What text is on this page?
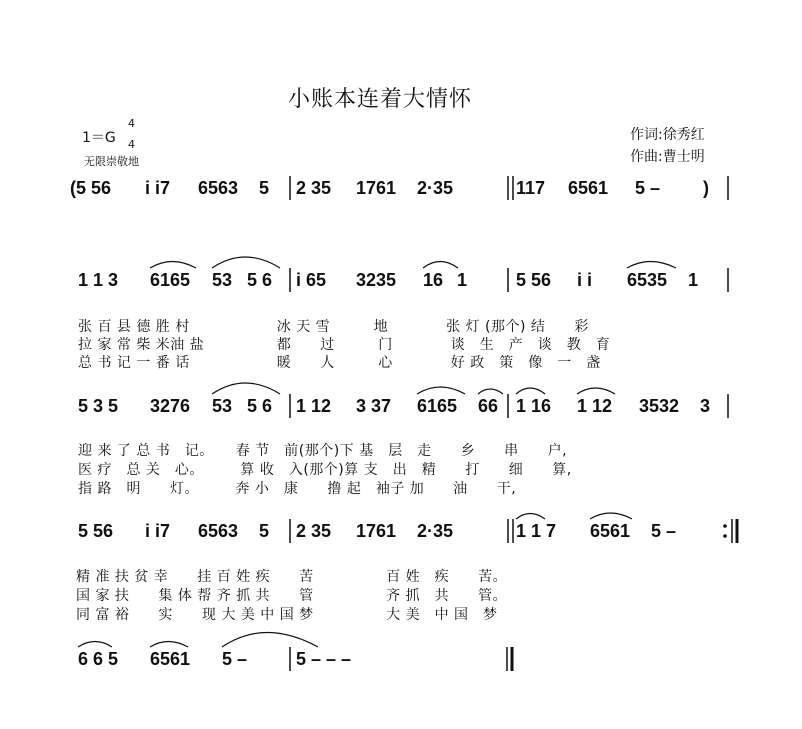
小账本连着大情怀
1＝G
4
4
无限崇敬地
作词:徐秀红
作曲:曹士明
(5 56 i i7 6563 5 2 35 1761 2·35	117 6561 5 – )
1 1 3 6165 53 5 6 i 65 3235 16 1	5 56 i i 6535 1
张 百 县 德 胜 村　　　　　　冰 天 雪　　　地　　　　张 灯 (那个) 结　　彩
拉 家 常 柴 米油 盐　　　　　都　　过　　　门　　　　谈　生　产　谈　教　育
总 书 记 一 番 话　　　　　　暖　　人　　　心　　　　好 政　策　像　一　盏
5 3 5 3276 53 5 6 1 12 3 37 6165 66 1 16 1 12 3532 3
迎 来 了 总 书　记。　　春 节　前(那个)下 基　层　走　　乡　　串　　户,
医 疗　总 关　心。　　　算 收　入(那个)算 支　出　精　　打　　细　　算,
指 路　明　　灯。　　　奔 小　康　　撸 起　袖子 加　　油　　干,
5 56 i i7 6563 5 2 35 1761 2·35	1 1 7 6561 5 –
精 准 扶 贫 幸　　挂 百 姓 疾　　苦　　　　　百 姓　疾　　苦。
国 家 扶　　集 体 帮 齐 抓 共　　管　　　　　齐 抓　共　　管。
同 富 裕　　实　　现 大 美 中 国 梦　　　　　大 美　中 国　梦
6 6 5 6561 5 –	5 – – –
